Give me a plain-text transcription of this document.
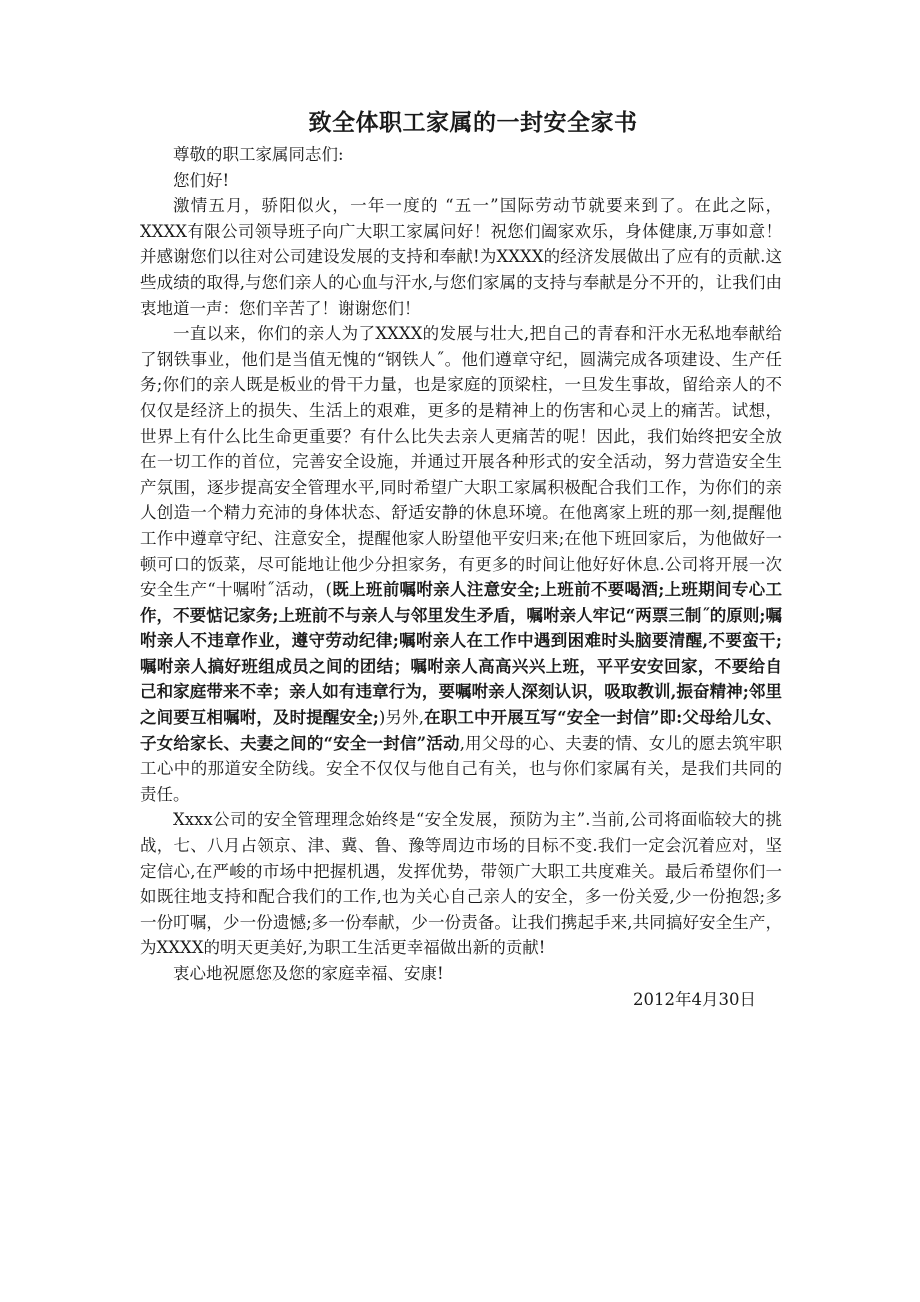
致全体职工家属的一封安全家书

尊敬的职工家属同志们:

您们好!

激情五月，骄阳似火，一年一度的 “五一”国际劳动节就要来到了。在此之际，XXXX有限公司领导班子向广大职工家属问好！祝您们阖家欢乐，身体健康,万事如意！并感谢您们以往对公司建设发展的支持和奉献!为XXXX的经济发展做出了应有的贡献.这些成绩的取得,与您们亲人的心血与汗水,与您们家属的支持与奉献是分不开的，让我们由衷地道一声：您们辛苦了！谢谢您们！

一直以来，你们的亲人为了XXXX的发展与壮大,把自己的青春和汗水无私地奉献给了钢铁事业，他们是当值无愧的“钢铁人˝。他们遵章守纪，圆满完成各项建设、生产任务;你们的亲人既是板业的骨干力量，也是家庭的顶梁柱，一旦发生事故，留给亲人的不仅仅是经济上的损失、生活上的艰难，更多的是精神上的伤害和心灵上的痛苦。试想，世界上有什么比生命更重要？有什么比失去亲人更痛苦的呢！因此，我们始终把安全放在一切工作的首位，完善安全设施，并通过开展各种形式的安全活动，努力营造安全生产氛围，逐步提高安全管理水平,同时希望广大职工家属积极配合我们工作，为你们的亲人创造一个精力充沛的身体状态、舒适安静的休息环境。在他离家上班的那一刻,提醒他工作中遵章守纪、注意安全，提醒他家人盼望他平安归来;在他下班回家后，为他做好一顿可口的饭菜，尽可能地让他少分担家务，有更多的时间让他好好休息.公司将开展一次安全生产“十嘱咐˝活动，(既上班前嘱咐亲人注意安全;上班前不要喝酒;上班期间专心工作，不要惦记家务;上班前不与亲人与邻里发生矛盾，嘱咐亲人牢记“两票三制˝的原则;嘱咐亲人不违章作业，遵守劳动纪律;嘱咐亲人在工作中遇到困难时头脑要清醒,不要蛮干;嘱咐亲人搞好班组成员之间的团结；嘱咐亲人高高兴兴上班，平平安安回家，不要给自己和家庭带来不幸；亲人如有违章行为，要嘱咐亲人深刻认识，吸取教训,振奋精神;邻里之间要互相嘱咐，及时提醒安全;)另外,在职工中开展互写“安全一封信”即:父母给儿女、子女给家长、夫妻之间的“安全一封信”活动,用父母的心、夫妻的情、女儿的愿去筑牢职工心中的那道安全防线。安全不仅仅与他自己有关，也与你们家属有关，是我们共同的责任。

Xxxx公司的安全管理理念始终是“安全发展，预防为主”.当前,公司将面临较大的挑战，七、八月占领京、津、冀、鲁、豫等周边市场的目标不变.我们一定会沉着应对，坚定信心,在严峻的市场中把握机遇，发挥优势，带领广大职工共度难关。最后希望你们一如既往地支持和配合我们的工作,也为关心自己亲人的安全，多一份关爱,少一份抱怨;多一份叮嘱，少一份遗憾;多一份奉献，少一份责备。让我们携起手来,共同搞好安全生产，为XXXX的明天更美好,为职工生活更幸福做出新的贡献!

衷心地祝愿您及您的家庭幸福、安康!

2012年4月30日
